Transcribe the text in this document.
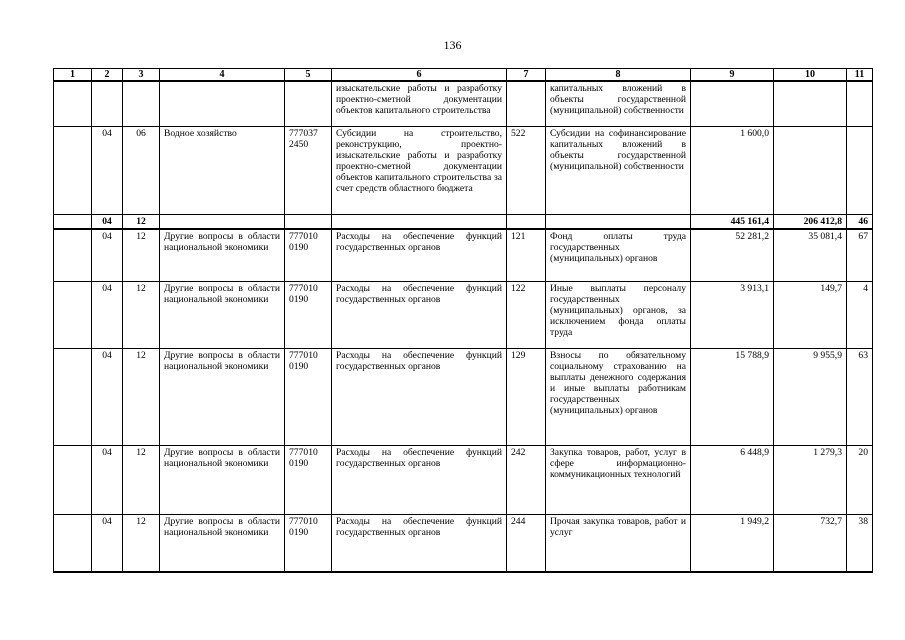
136
1	2	3	4	5	6	7	8	9	10	11
					изыскательские работы и разработку проектно-сметной документации объектов капитального строительства		капитальных вложений в объекты государственной (муниципальной) собственности			
	04	06	Водное хозяйство	777037 2450	Субсидии на строительство, реконструкцию, проектно-изыскательские работы и разработку проектно-сметной документации объектов капитального строительства за счет средств областного бюджета	522	Субсидии на софинансирование капитальных вложений в объекты государственной (муниципальной) собственности	1 600,0		
	04	12						445 161,4	206 412,8	46
	04	12	Другие вопросы в области национальной экономики	777010 0190	Расходы на обеспечение функций государственных органов	121	Фонд оплаты труда государственных (муниципальных) органов	52 281,2	35 081,4	67
	04	12	Другие вопросы в области национальной экономики	777010 0190	Расходы на обеспечение функций государственных органов	122	Иные выплаты персоналу государственных (муниципальных) органов, за исключением фонда оплаты труда	3 913,1	149,7	4
	04	12	Другие вопросы в области национальной экономики	777010 0190	Расходы на обеспечение функций государственных органов	129	Взносы по обязательному социальному страхованию на выплаты денежного содержания и иные выплаты работникам государственных (муниципальных) органов	15 788,9	9 955,9	63
	04	12	Другие вопросы в области национальной экономики	777010 0190	Расходы на обеспечение функций государственных органов	242	Закупка товаров, работ, услуг в сфере информационно-коммуникационных технологий	6 448,9	1 279,3	20
	04	12	Другие вопросы в области национальной экономики	777010 0190	Расходы на обеспечение функций государственных органов	244	Прочая закупка товаров, работ и услуг	1 949,2	732,7	38
